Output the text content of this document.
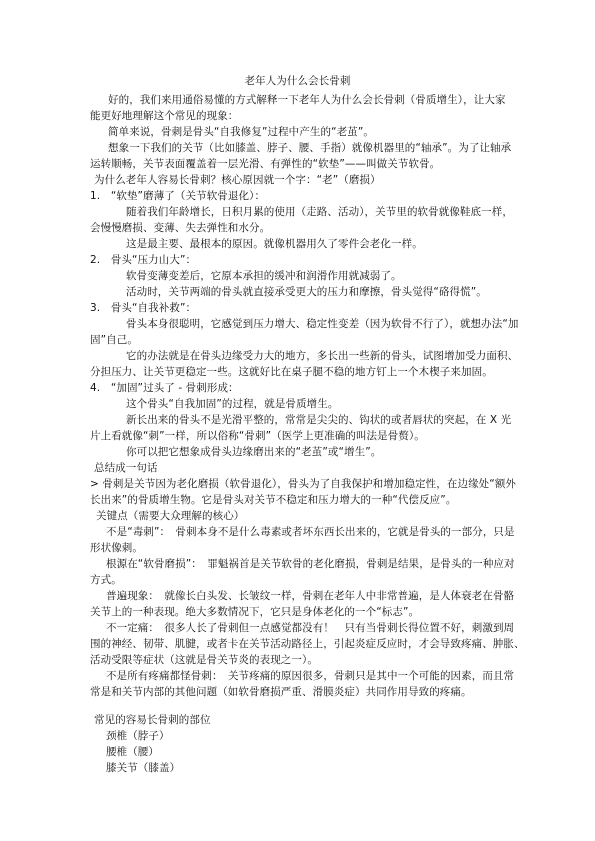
老年人为什么会长骨刺
好的，我们来用通俗易懂的方式解释一下老年人为什么会长骨刺（骨质增生），让大家
能更好地理解这个常见的现象：
简单来说，骨刺是骨头“自我修复”过程中产生的“老茧”。
想象一下我们的关节（比如膝盖、脖子、腰、手指）就像机器里的“轴承”。为了让轴承
运转顺畅，关节表面覆盖着一层光滑、有弹性的“软垫”——叫做关节软骨。
为什么老年人容易长骨刺？核心原因就一个字：“老”（磨损）
1.　“软垫”磨薄了（关节软骨退化）：
随着我们年龄增长，日积月累的使用（走路、活动），关节里的软骨就像鞋底一样，
会慢慢磨损、变薄、失去弹性和水分。
这是最主要、最根本的原因。就像机器用久了零件会老化一样。
2.　骨头“压力山大”：
软骨变薄变差后，它原本承担的缓冲和润滑作用就减弱了。
活动时，关节两端的骨头就直接承受更大的压力和摩擦，骨头觉得“硌得慌”。
3.　骨头“自我补救”：
骨头本身很聪明，它感觉到压力增大、稳定性变差（因为软骨不行了），就想办法“加
固”自己。
它的办法就是在骨头边缘受力大的地方，多长出一些新的骨头，试图增加受力面积、
分担压力、让关节更稳定一些。这就好比在桌子腿不稳的地方钉上一个木楔子来加固。
4.　“加固”过头了 - 骨刺形成：
这个骨头“自我加固”的过程，就是骨质增生。
新长出来的骨头不是光滑平整的，常常是尖尖的、钩状的或者唇状的突起，在 X 光
片上看就像“刺”一样，所以俗称“骨刺”（医学上更准确的叫法是骨赘）。
你可以把它想象成骨头边缘磨出来的“老茧”或“增生”。
总结成一句话
> 骨刺是关节因为老化磨损（软骨退化），骨头为了自我保护和增加稳定性，在边缘处“额外
长出来”的骨质增生物。它是骨头对关节不稳定和压力增大的一种“代偿反应”。
关键点（需要大众理解的核心）
不是“毒刺”：　骨刺本身不是什么毒素或者坏东西长出来的，它就是骨头的一部分，只是
形状像刺。
根源在“软骨磨损”：　罪魁祸首是关节软骨的老化磨损，骨刺是结果，是骨头的一种应对
方式。
普遍现象：　就像长白头发、长皱纹一样，骨刺在老年人中非常普遍，是人体衰老在骨骼
关节上的一种表现。绝大多数情况下，它只是身体老化的一个“标志”。
不一定痛：　很多人长了骨刺但一点感觉都没有！　只有当骨刺长得位置不好，刺激到周
围的神经、韧带、肌腱，或者卡在关节活动路径上，引起炎症反应时，才会导致疼痛、肿胀、
活动受限等症状（这就是骨关节炎的表现之一）。
不是所有疼痛都怪骨刺：　关节疼痛的原因很多，骨刺只是其中一个可能的因素，而且常
常是和关节内部的其他问题（如软骨磨损严重、滑膜炎症）共同作用导致的疼痛。
常见的容易长骨刺的部位
颈椎（脖子）
腰椎（腰）
膝关节（膝盖）
